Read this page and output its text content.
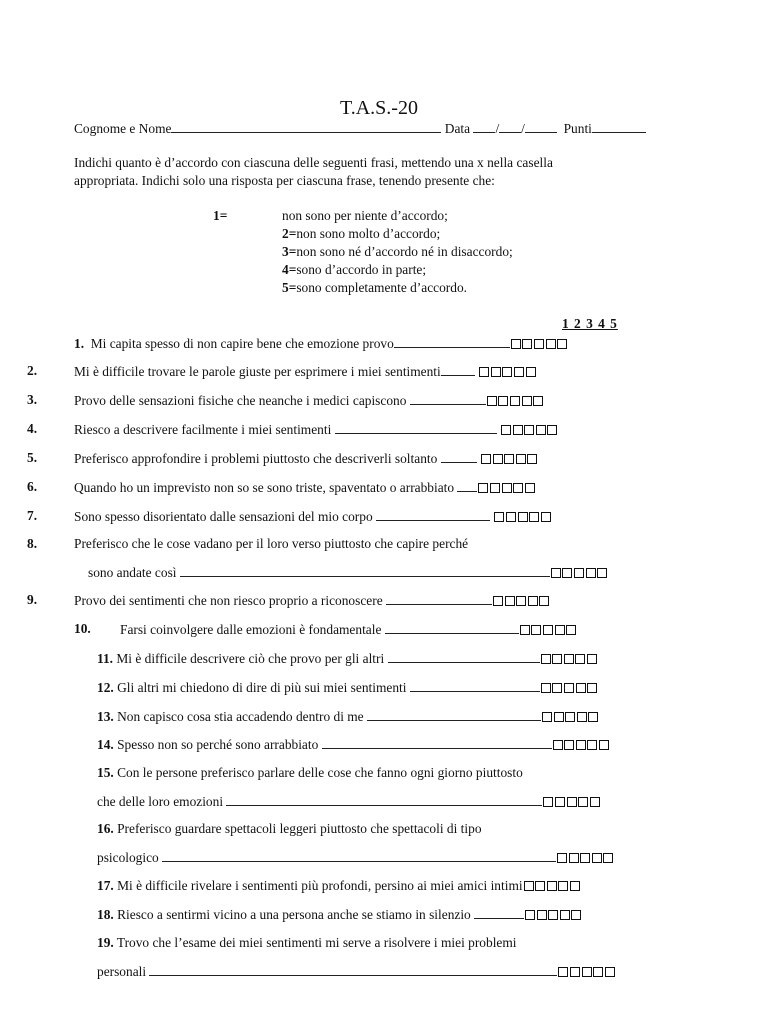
T.A.S.-20
Cognome e Nome	Data / /	Punti
Indichi quanto è d’accordo con ciascuna delle seguenti frasi, mettendo una x nella casella
appropriata. Indichi solo una risposta per ciascuna frase, tenendo presente che:
1=	non sono per niente d’accordo;
2=non sono molto d’accordo;
3=non sono né d’accordo né in disaccordo;
4=sono d’accordo in parte;
5=sono completamente d’accordo.
1 2 3 4 5
1. Mi capita spesso di non capire bene che emozione provo
2.	Mi è difficile trovare le parole giuste per esprimere i miei sentimenti
3.	Provo delle sensazioni fisiche che neanche i medici capiscono
4.	Riesco a descrivere facilmente i miei sentimenti
5.	Preferisco approfondire i problemi piuttosto che descriverli soltanto
6.	Quando ho un imprevisto non so se sono triste, spaventato o arrabbiato
7.	Sono spesso disorientato dalle sensazioni del mio corpo
8.	Preferisco che le cose vadano per il loro verso piuttosto che capire perché
sono andate così
9.	Provo dei sentimenti che non riesco proprio a riconoscere
10. Farsi coinvolgere dalle emozioni è fondamentale
11. Mi è difficile descrivere ciò che provo per gli altri
12. Gli altri mi chiedono di dire di più sui miei sentimenti
13. Non capisco cosa stia accadendo dentro di me
14. Spesso non so perché sono arrabbiato
15. Con le persone preferisco parlare delle cose che fanno ogni giorno piuttosto
che delle loro emozioni
16. Preferisco guardare spettacoli leggeri piuttosto che spettacoli di tipo
psicologico
17. Mi è difficile rivelare i sentimenti più profondi, persino ai miei amici intimi
18. Riesco a sentirmi vicino a una persona anche se stiamo in silenzio
19. Trovo che l’esame dei miei sentimenti mi serve a risolvere i miei problemi
personali
